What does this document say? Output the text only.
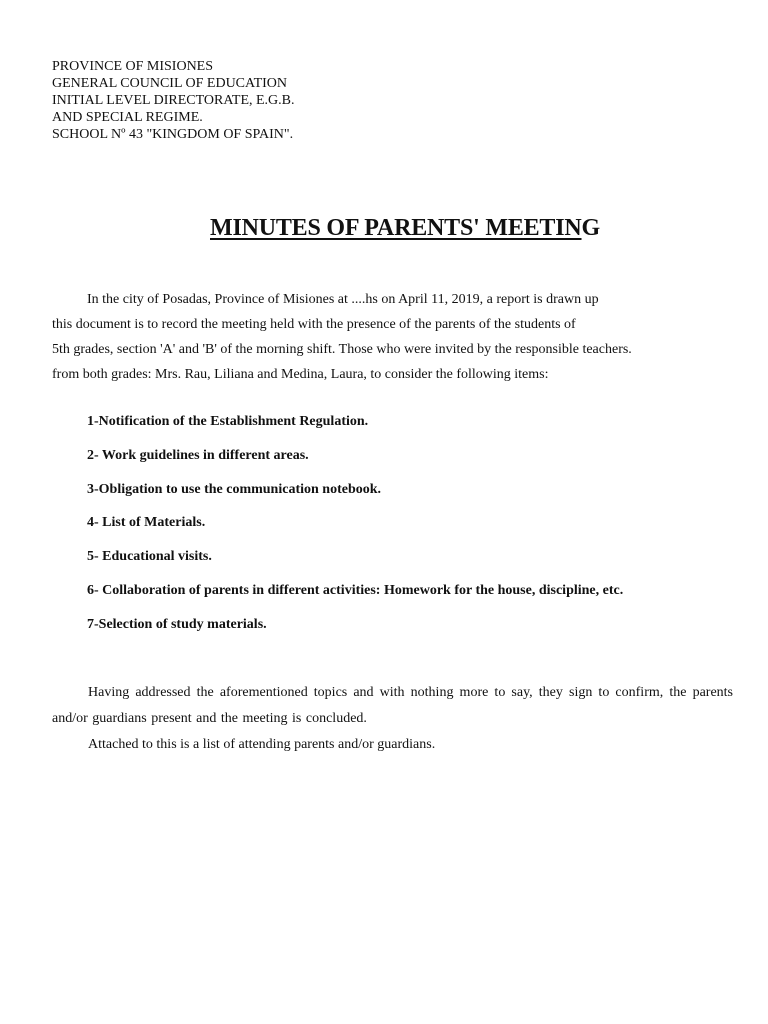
PROVINCE OF MISIONES
GENERAL COUNCIL OF EDUCATION
INITIAL LEVEL DIRECTORATE, E.G.B.
AND SPECIAL REGIME.
SCHOOL Nº 43 "KINGDOM OF SPAIN".
MINUTES OF PARENTS' MEETING
In the city of Posadas, Province of Misiones at ....hs on April 11, 2019, a report is drawn up
this document is to record the meeting held with the presence of the parents of the students of
5th grades, section 'A' and 'B' of the morning shift. Those who were invited by the responsible teachers.
from both grades: Mrs. Rau, Liliana and Medina, Laura, to consider the following items:
1-Notification of the Establishment Regulation.
2- Work guidelines in different areas.
3-Obligation to use the communication notebook.
4- List of Materials.
5- Educational visits.
6- Collaboration of parents in different activities: Homework for the house, discipline, etc.
7-Selection of study materials.
Having addressed the aforementioned topics and with nothing more to say, they sign to confirm, the parents and/or guardians present and the meeting is concluded.
Attached to this is a list of attending parents and/or guardians.
